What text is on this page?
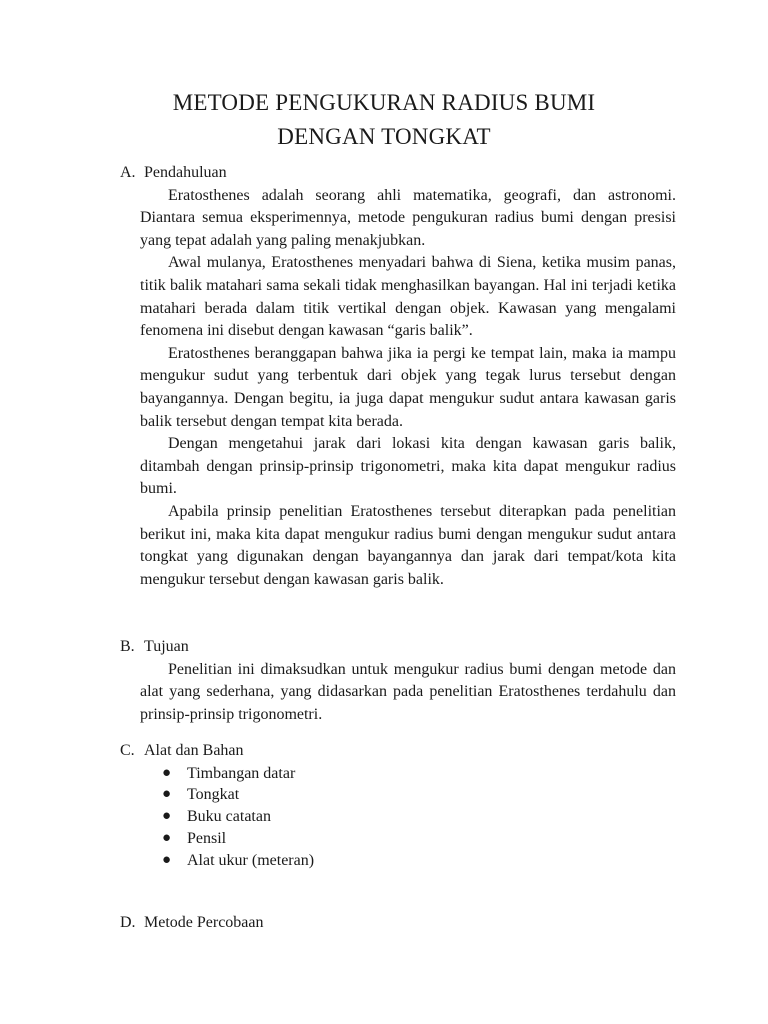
METODE PENGUKURAN RADIUS BUMI
DENGAN TONGKAT

A. Pendahuluan

Eratosthenes adalah seorang ahli matematika, geografi, dan astronomi. Diantara semua eksperimennya, metode pengukuran radius bumi dengan presisi yang tepat adalah yang paling menakjubkan.

Awal mulanya, Eratosthenes menyadari bahwa di Siena, ketika musim panas, titik balik matahari sama sekali tidak menghasilkan bayangan. Hal ini terjadi ketika matahari berada dalam titik vertikal dengan objek. Kawasan yang mengalami fenomena ini disebut dengan kawasan “garis balik”.

Eratosthenes beranggapan bahwa jika ia pergi ke tempat lain, maka ia mampu mengukur sudut yang terbentuk dari objek yang tegak lurus tersebut dengan bayangannya. Dengan begitu, ia juga dapat mengukur sudut antara kawasan garis balik tersebut dengan tempat kita berada.

Dengan mengetahui jarak dari lokasi kita dengan kawasan garis balik, ditambah dengan prinsip-prinsip trigonometri, maka kita dapat mengukur radius bumi.

Apabila prinsip penelitian Eratosthenes tersebut diterapkan pada penelitian berikut ini, maka kita dapat mengukur radius bumi dengan mengukur sudut antara tongkat yang digunakan dengan bayangannya dan jarak dari tempat/kota kita mengukur tersebut dengan kawasan garis balik.

B. Tujuan

Penelitian ini dimaksudkan untuk mengukur radius bumi dengan metode dan alat yang sederhana, yang didasarkan pada penelitian Eratosthenes terdahulu dan prinsip-prinsip trigonometri.

C. Alat dan Bahan

● Timbangan datar
● Tongkat
● Buku catatan
● Pensil
● Alat ukur (meteran)

D. Metode Percobaan
